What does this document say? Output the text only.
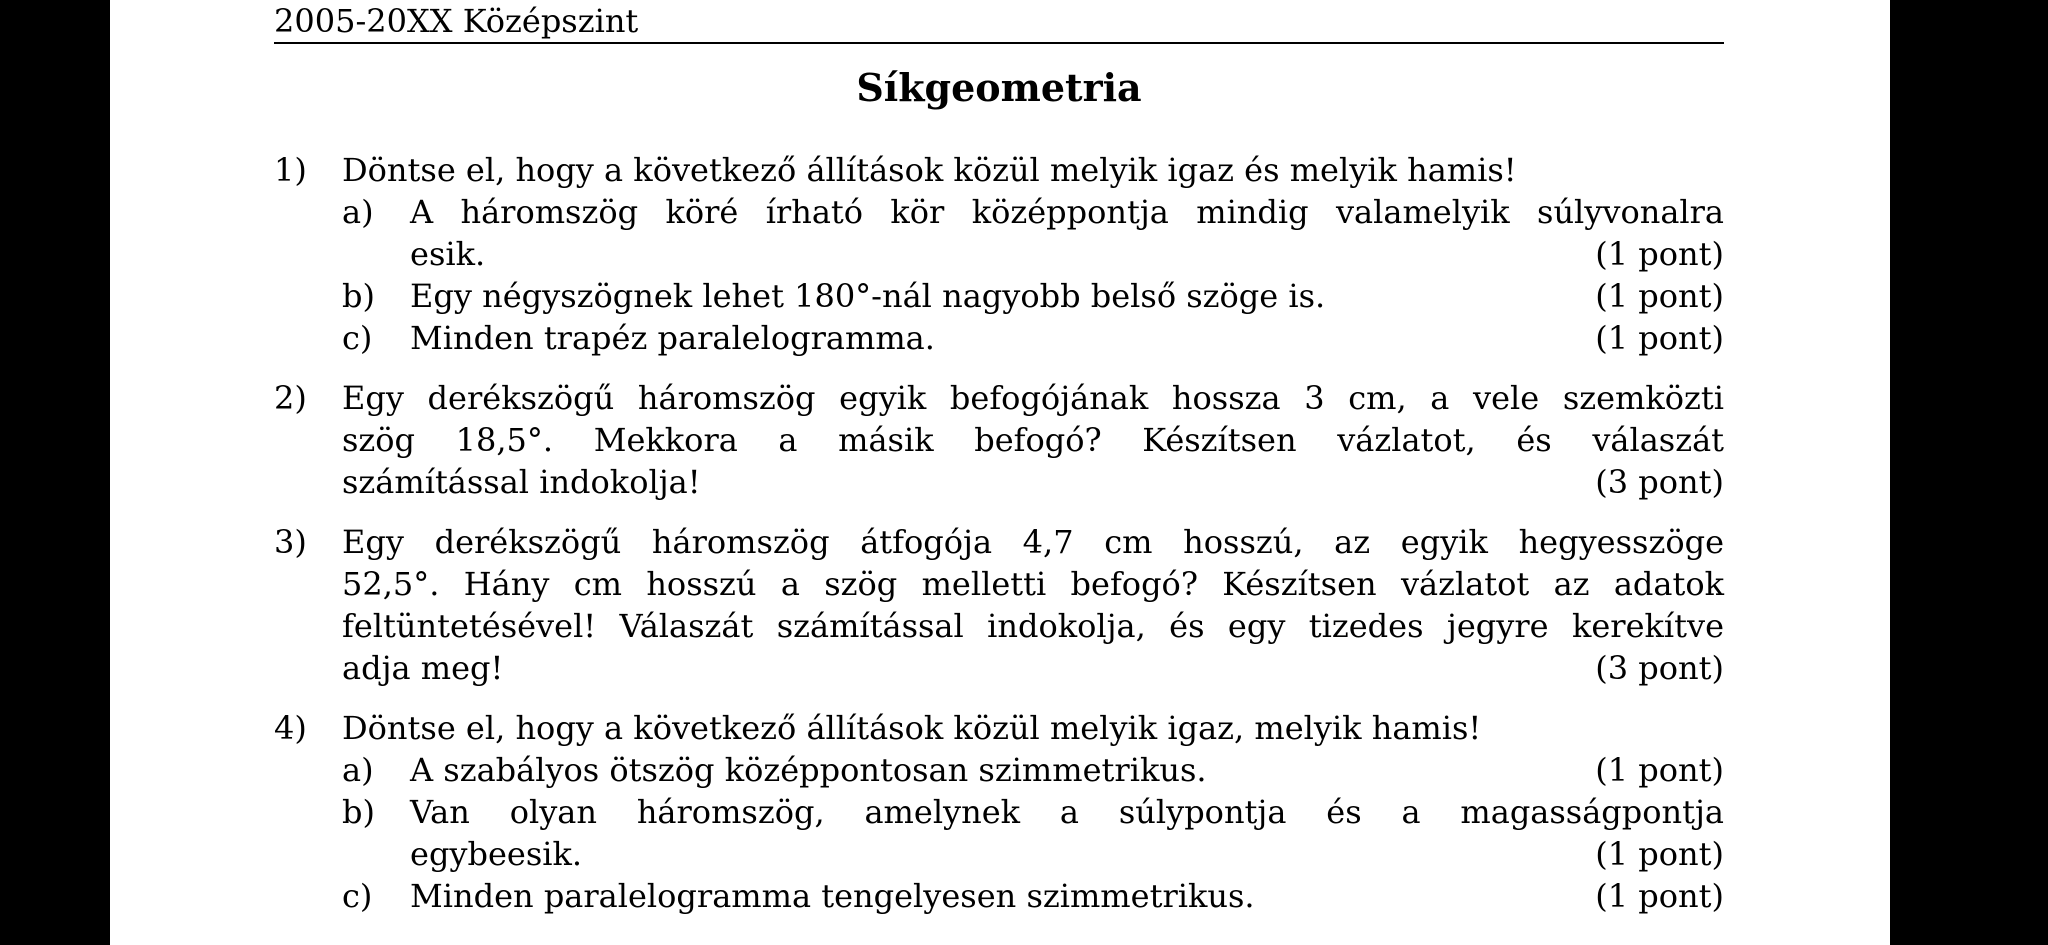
2005-20XX Középszint
Síkgeometria
1)	Döntse el, hogy a következő állítások közül melyik igaz és melyik hamis!
a)	A háromszög köré írható kör középpontja mindig valamelyik súlyvonalra
esik.	(1 pont)
b)	Egy négyszögnek lehet 180°-nál nagyobb belső szöge is.	(1 pont)
c)	Minden trapéz paralelogramma.	(1 pont)
2)	Egy derékszögű háromszög egyik befogójának hossza 3 cm, a vele szemközti
szög 18,5°. Mekkora a másik befogó? Készítsen vázlatot, és válaszát
számítással indokolja!	(3 pont)
3)	Egy derékszögű háromszög átfogója 4,7 cm hosszú, az egyik hegyesszöge
52,5°. Hány cm hosszú a szög melletti befogó? Készítsen vázlatot az adatok
feltüntetésével! Válaszát számítással indokolja, és egy tizedes jegyre kerekítve
adja meg!	(3 pont)
4)	Döntse el, hogy a következő állítások közül melyik igaz, melyik hamis!
a)	A szabályos ötszög középpontosan szimmetrikus.	(1 pont)
b)	Van olyan háromszög, amelynek a súlypontja és a magasságpontja
egybeesik.	(1 pont)
c)	Minden paralelogramma tengelyesen szimmetrikus.	(1 pont)
